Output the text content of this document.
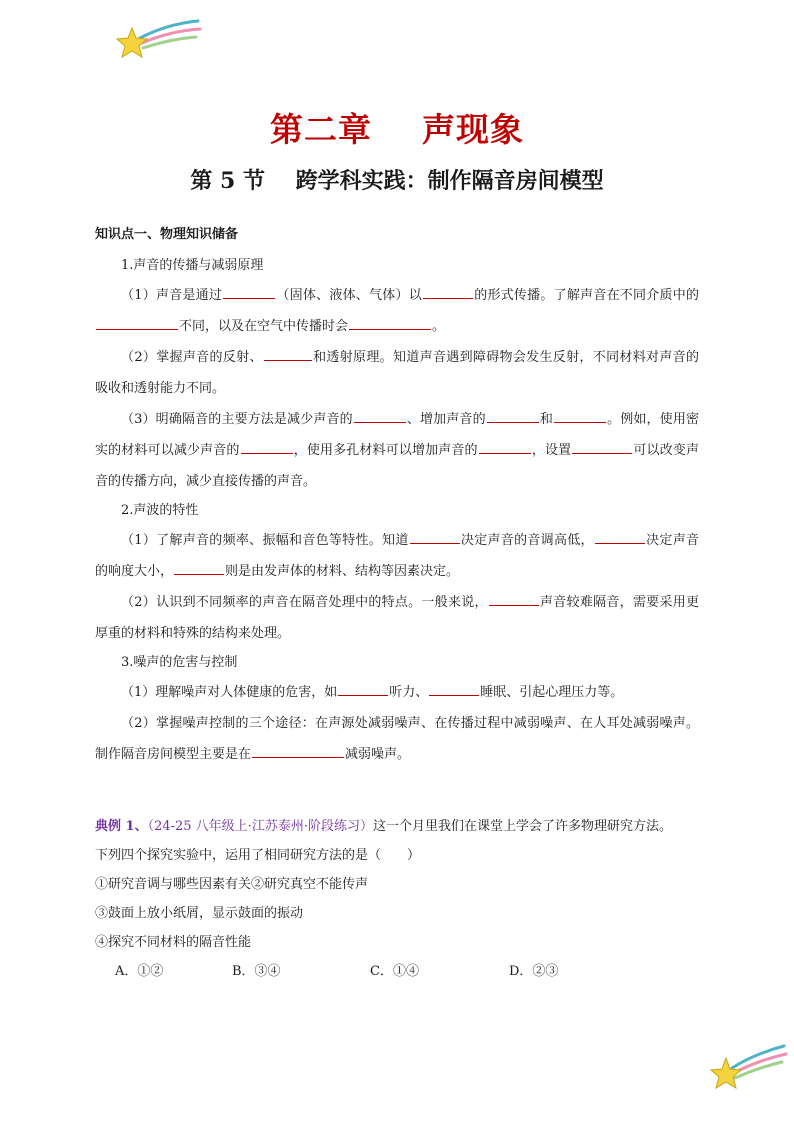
第二章    声现象
第 5 节    跨学科实践：制作隔音房间模型

知识点一、物理知识储备

1.声音的传播与减弱原理

（1）声音是通过	（固体、液体、气体）以	的形式传播。了解声音在不同介质中的不同，以及在空气中传播时会	。

（2）掌握声音的反射、	和透射原理。知道声音遇到障碍物会发生反射，不同材料对声音的吸收和透射能力不同。

（3）明确隔音的主要方法是减少声音的	、增加声音的	和	。例如，使用密实的材料可以减少声音的	，使用多孔材料可以增加声音的	，设置	可以改变声音的传播方向，减少直接传播的声音。

2.声波的特性

（1）了解声音的频率、振幅和音色等特性。知道	决定声音的音调高低，	决定声音的响度大小，	则是由发声体的材料、结构等因素决定。

（2）认识到不同频率的声音在隔音处理中的特点。一般来说，	声音较难隔音，需要采用更厚重的材料和特殊的结构来处理。

3.噪声的危害与控制

（1）理解噪声对人体健康的危害，如	听力、	睡眠、引起心理压力等。

（2）掌握噪声控制的三个途径：在声源处减弱噪声、在传播过程中减弱噪声、在人耳处减弱噪声。制作隔音房间模型主要是在	减弱噪声。

典例 1、（24-25 八年级上·江苏泰州·阶段练习）这一个月里我们在课堂上学会了许多物理研究方法。

下列四个探究实验中，运用了相同研究方法的是（　　）

①研究音调与哪些因素有关②研究真空不能传声

③鼓面上放小纸屑，显示鼓面的振动

④探究不同材料的隔音性能

A．①②	B．③④	C．①④	D．②③
